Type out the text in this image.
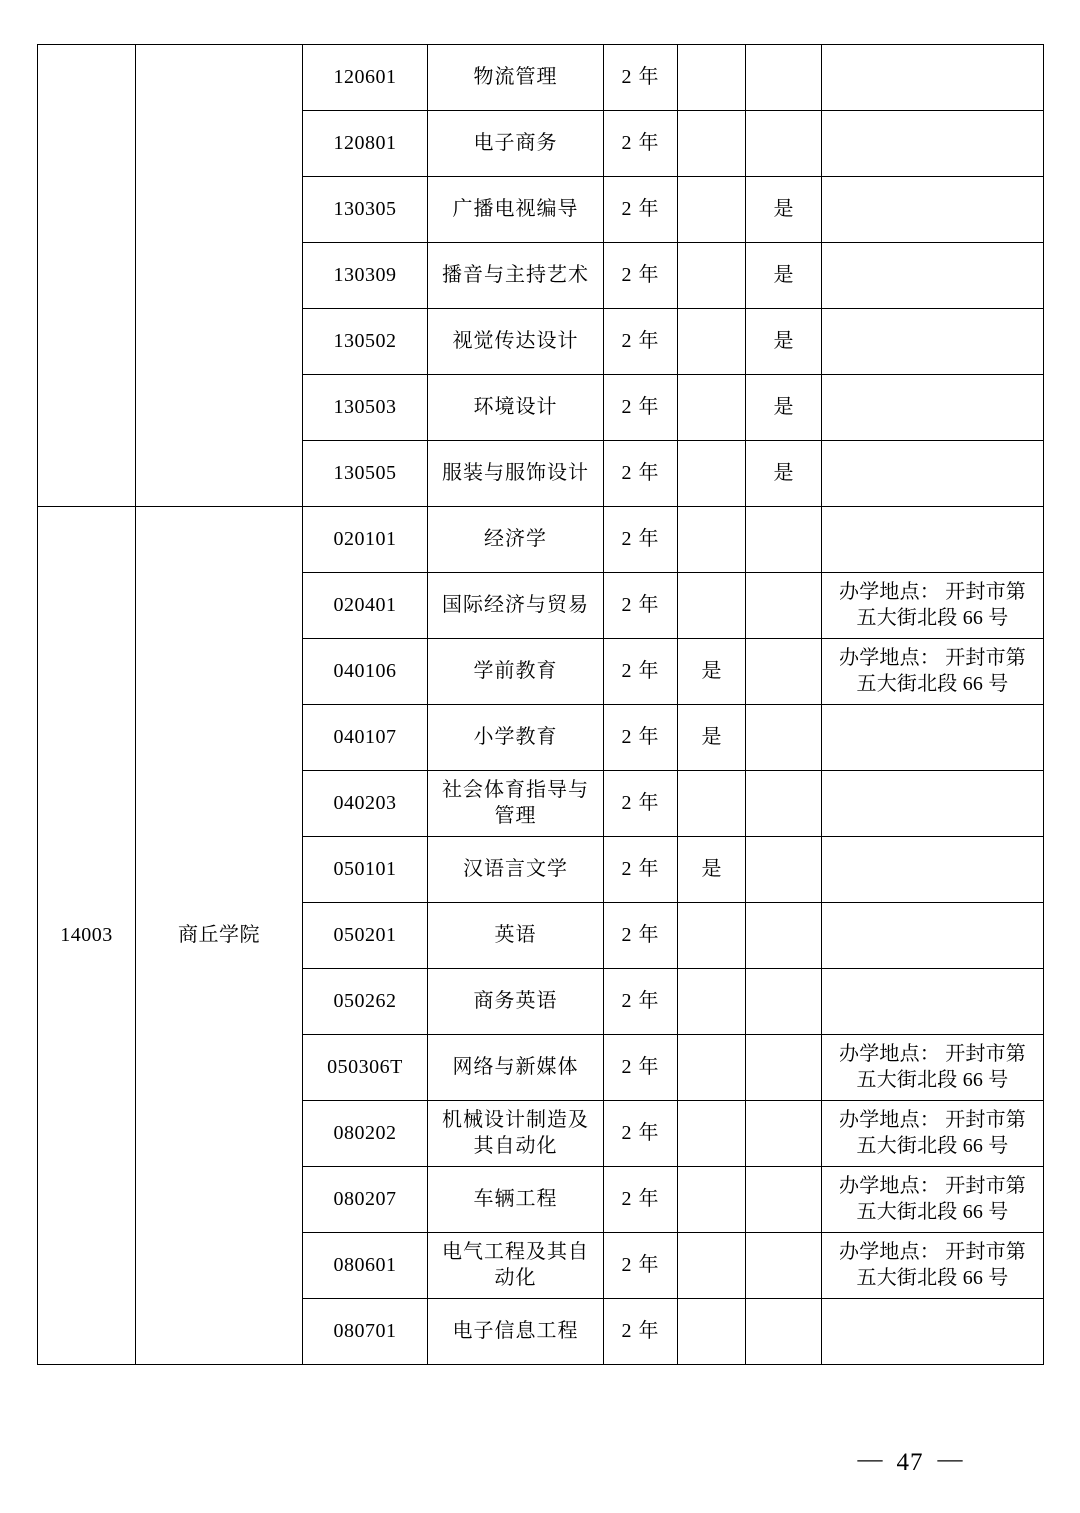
		120601	物流管理	2 年			
		120801	电子商务	2 年			
		130305	广播电视编导	2 年		是	
		130309	播音与主持艺术	2 年		是	
		130502	视觉传达设计	2 年		是	
		130503	环境设计	2 年		是	
		130505	服装与服饰设计	2 年		是	
14003	商丘学院	020101	经济学	2 年			

		020401	国际经济与贸易	2 年			办学地点： 开封市第
五大街北段 66 号

		040106	学前教育	2 年	是		办学地点： 开封市第
五大街北段 66 号

		040107	小学教育	2 年	是		

		040203	社会体育指导与
管理	2 年			

		050101	汉语言文学	2 年	是		

		050201	英语	2 年			

		050262	商务英语	2 年			

		050306T	网络与新媒体	2 年			办学地点： 开封市第
五大街北段 66 号

		080202	机械设计制造及
其自动化	2 年			办学地点： 开封市第
五大街北段 66 号

		080207	车辆工程	2 年			办学地点： 开封市第
五大街北段 66 号

		080601	电气工程及其自
动化	2 年			办学地点： 开封市第
五大街北段 66 号

		080701	电子信息工程	2 年			
— 47 —
